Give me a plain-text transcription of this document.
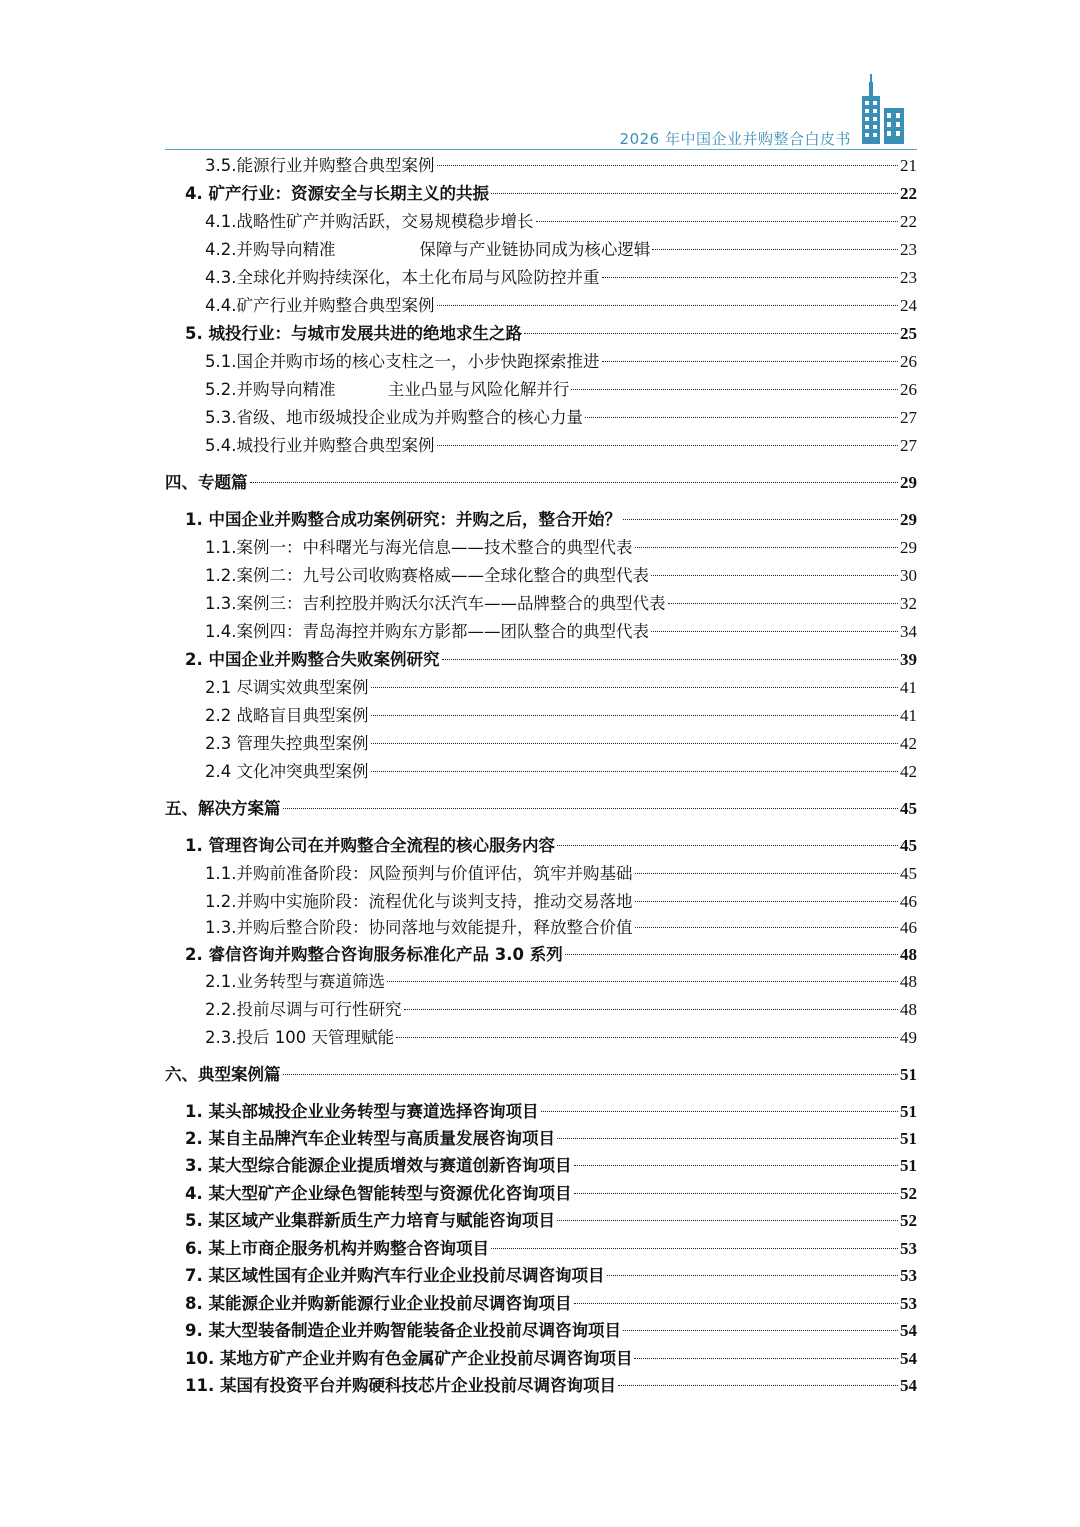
2026 年中国企业并购整合白皮书
3.5.能源行业并购整合典型案例	21
4. 矿产行业：资源安全与长期主义的共振	22
4.1.战略性矿产并购活跃，交易规模稳步增长	22
4.2.并购导向精准                保障与产业链协同成为核心逻辑	23
4.3.全球化并购持续深化，本土化布局与风险防控并重	23
4.4.矿产行业并购整合典型案例	24
5. 城投行业：与城市发展共进的绝地求生之路	25
5.1.国企并购市场的核心支柱之一，小步快跑探索推进	26
5.2.并购导向精准          主业凸显与风险化解并行	26
5.3.省级、地市级城投企业成为并购整合的核心力量	27
5.4.城投行业并购整合典型案例	27
四、专题篇	29
1. 中国企业并购整合成功案例研究：并购之后，整合开始？	29
1.1.案例一：中科曙光与海光信息——技术整合的典型代表	29
1.2.案例二：九号公司收购赛格威——全球化整合的典型代表	30
1.3.案例三：吉利控股并购沃尔沃汽车——品牌整合的典型代表	32
1.4.案例四：青岛海控并购东方影都——团队整合的典型代表	34
2. 中国企业并购整合失败案例研究	39
2.1 尽调实效典型案例	41
2.2 战略盲目典型案例	41
2.3 管理失控典型案例	42
2.4 文化冲突典型案例	42
五、解决方案篇	45
1. 管理咨询公司在并购整合全流程的核心服务内容	45
1.1.并购前准备阶段：风险预判与价值评估，筑牢并购基础	45
1.2.并购中实施阶段：流程优化与谈判支持，推动交易落地	46
1.3.并购后整合阶段：协同落地与效能提升，释放整合价值	46
2. 睿信咨询并购整合咨询服务标准化产品 3.0 系列	48
2.1.业务转型与赛道筛选	48
2.2.投前尽调与可行性研究	48
2.3.投后 100 天管理赋能	49
六、典型案例篇	51
1. 某头部城投企业业务转型与赛道选择咨询项目	51
2. 某自主品牌汽车企业转型与高质量发展咨询项目	51
3. 某大型综合能源企业提质增效与赛道创新咨询项目	51
4. 某大型矿产企业绿色智能转型与资源优化咨询项目	52
5. 某区域产业集群新质生产力培育与赋能咨询项目	52
6. 某上市商企服务机构并购整合咨询项目	53
7. 某区域性国有企业并购汽车行业企业投前尽调咨询项目	53
8. 某能源企业并购新能源行业企业投前尽调咨询项目	53
9. 某大型装备制造企业并购智能装备企业投前尽调咨询项目	54
10. 某地方矿产企业并购有色金属矿产企业投前尽调咨询项目	54
11. 某国有投资平台并购硬科技芯片企业投前尽调咨询项目	54
